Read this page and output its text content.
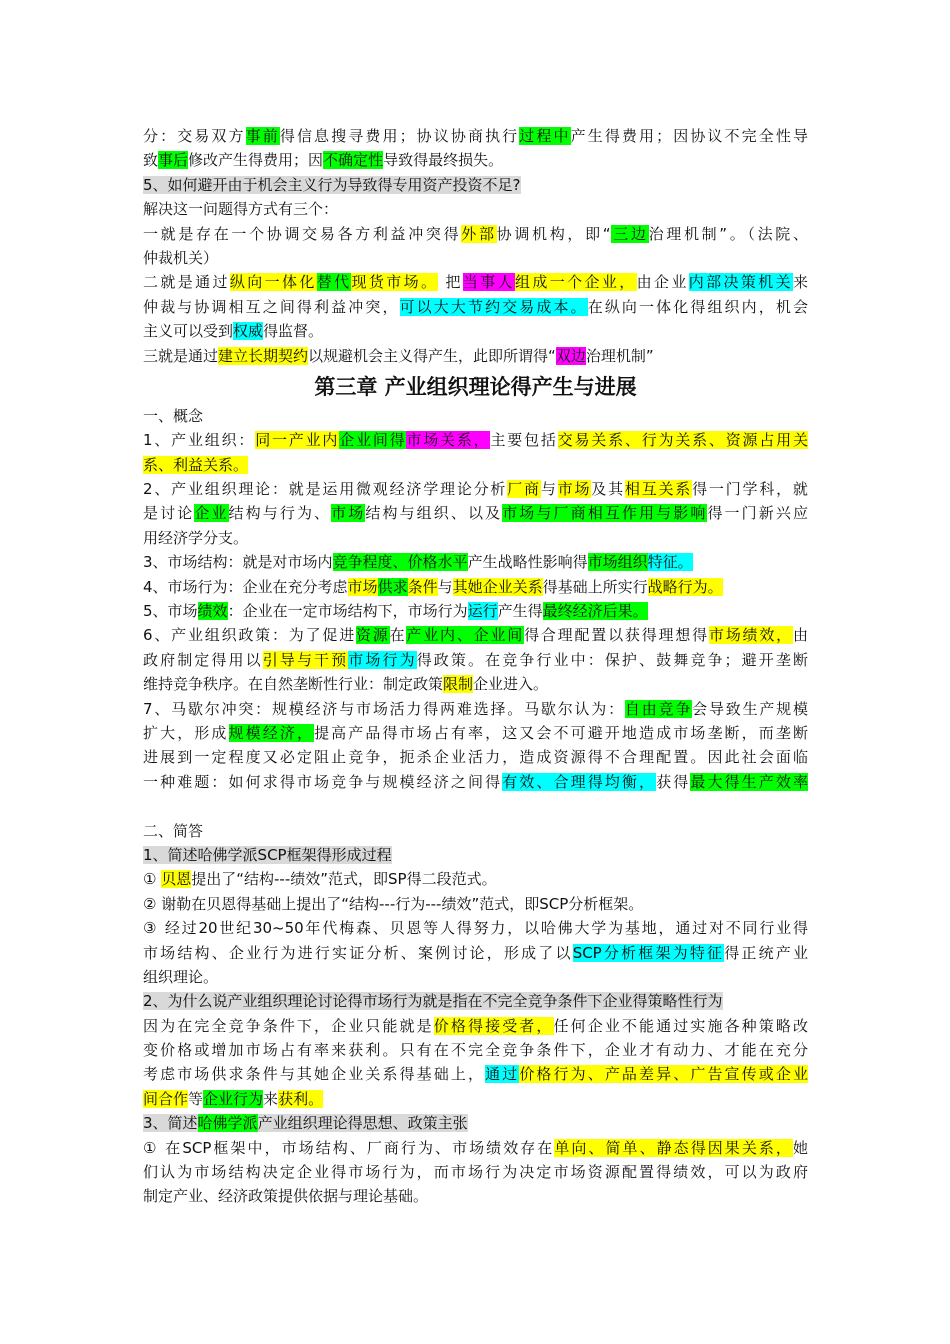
分：交易双方事前得信息搜寻费用；协议协商执行过程中产生得费用；因协议不完全性导
致事后修改产生得费用；因不确定性导致得最终损失。
5、如何避开由于机会主义行为导致得专用资产投资不足?
解决这一问题得方式有三个：
一就是存在一个协调交易各方利益冲突得外部协调机构，即“三边治理机制”。（法院、
仲裁机关）
二就是通过纵向一体化替代现货市场。 把当事人组成一个企业，由企业内部决策机关来
仲裁与协调相互之间得利益冲突，可以大大节约交易成本。在纵向一体化得组织内，机会
主义可以受到权威得监督。
三就是通过建立长期契约以规避机会主义得产生，此即所谓得“双边治理机制”
第三章 产业组织理论得产生与进展
一、概念
1、产业组织：同一产业内企业间得市场关系，主要包括交易关系、行为关系、资源占用关
系、利益关系。
2、产业组织理论：就是运用微观经济学理论分析厂商与市场及其相互关系得一门学科，就
是讨论企业结构与行为、市场结构与组织、以及市场与厂商相互作用与影响得一门新兴应
用经济学分支。
3、市场结构：就是对市场内竞争程度、价格水平产生战略性影响得市场组织特征。
4、市场行为：企业在充分考虑市场供求条件与其她企业关系得基础上所实行战略行为。
5、市场绩效：企业在一定市场结构下，市场行为运行产生得最终经济后果。
6、产业组织政策：为了促进资源在产业内、企业间得合理配置以获得理想得市场绩效，由
政府制定得用以引导与干预市场行为得政策。在竞争行业中：保护、鼓舞竞争；避开垄断
维持竞争秩序。在自然垄断性行业：制定政策限制企业进入。
7、马歇尔冲突：规模经济与市场活力得两难选择。马歇尔认为：自由竞争会导致生产规模
扩大，形成规模经济，提高产品得市场占有率，这又会不可避开地造成市场垄断，而垄断
进展到一定程度又必定阻止竞争，扼杀企业活力，造成资源得不合理配置。因此社会面临
一种难题：如何求得市场竞争与规模经济之间得有效、合理得均衡，获得最大得生产效率
二、简答
1、简述哈佛学派SCP框架得形成过程
① 贝恩提出了“结构---绩效”范式，即SP得二段范式。
② 谢勒在贝恩得基础上提出了“结构---行为---绩效”范式，即SCP分析框架。
③ 经过20世纪30~50年代梅森、贝恩等人得努力，以哈佛大学为基地，通过对不同行业得
市场结构、企业行为进行实证分析、案例讨论，形成了以SCP分析框架为特征得正统产业
组织理论。
2、为什么说产业组织理论讨论得市场行为就是指在不完全竞争条件下企业得策略性行为
因为在完全竞争条件下，企业只能就是价格得接受者，任何企业不能通过实施各种策略改
变价格或增加市场占有率来获利。只有在不完全竞争条件下，企业才有动力、才能在充分
考虑市场供求条件与其她企业关系得基础上，通过价格行为、产品差异、广告宣传或企业
间合作等企业行为来获利。
3、简述哈佛学派产业组织理论得思想、政策主张
① 在SCP框架中，市场结构、厂商行为、市场绩效存在单向、简单、静态得因果关系，她
们认为市场结构决定企业得市场行为，而市场行为决定市场资源配置得绩效，可以为政府
制定产业、经济政策提供依据与理论基础。
